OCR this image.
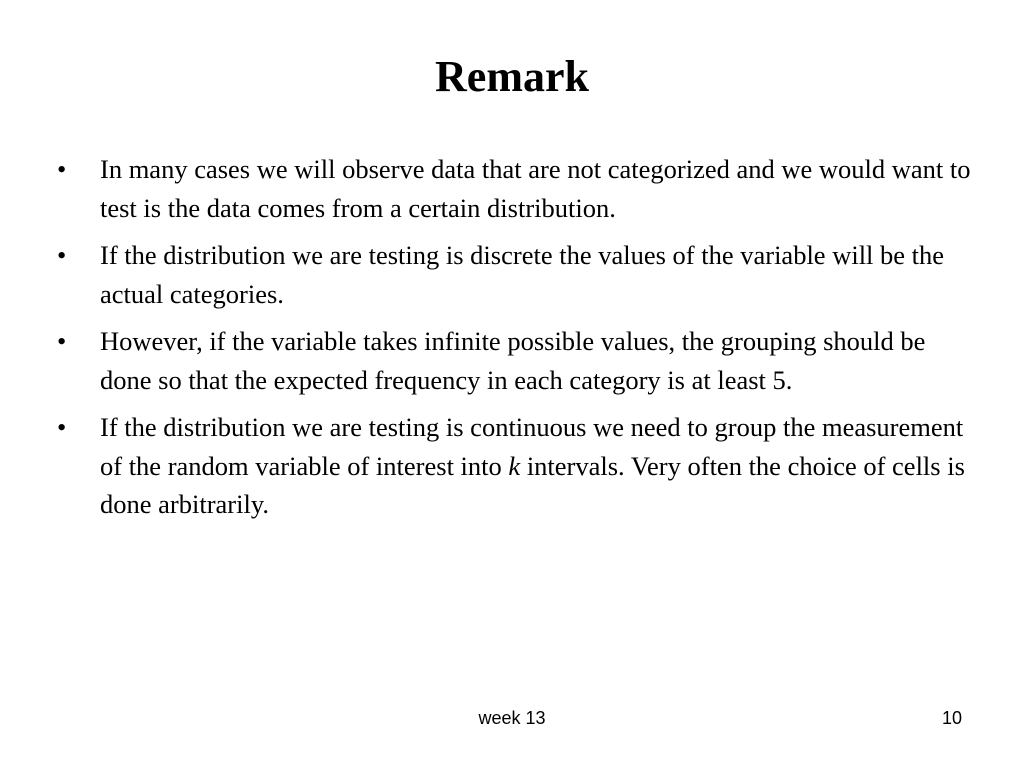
Remark
•	In many cases we will observe data that are not categorized and we would want to test is the data comes from a certain distribution.
•	If the distribution we are testing is discrete the values of the variable will be the actual categories.
•	However, if the variable takes infinite possible values, the grouping should be done so that the expected frequency in each category is at least 5.
•	If the distribution we are testing is continuous we need to group the measurement of the random variable of interest into k intervals. Very often the choice of cells is done arbitrarily.
week 13	10
